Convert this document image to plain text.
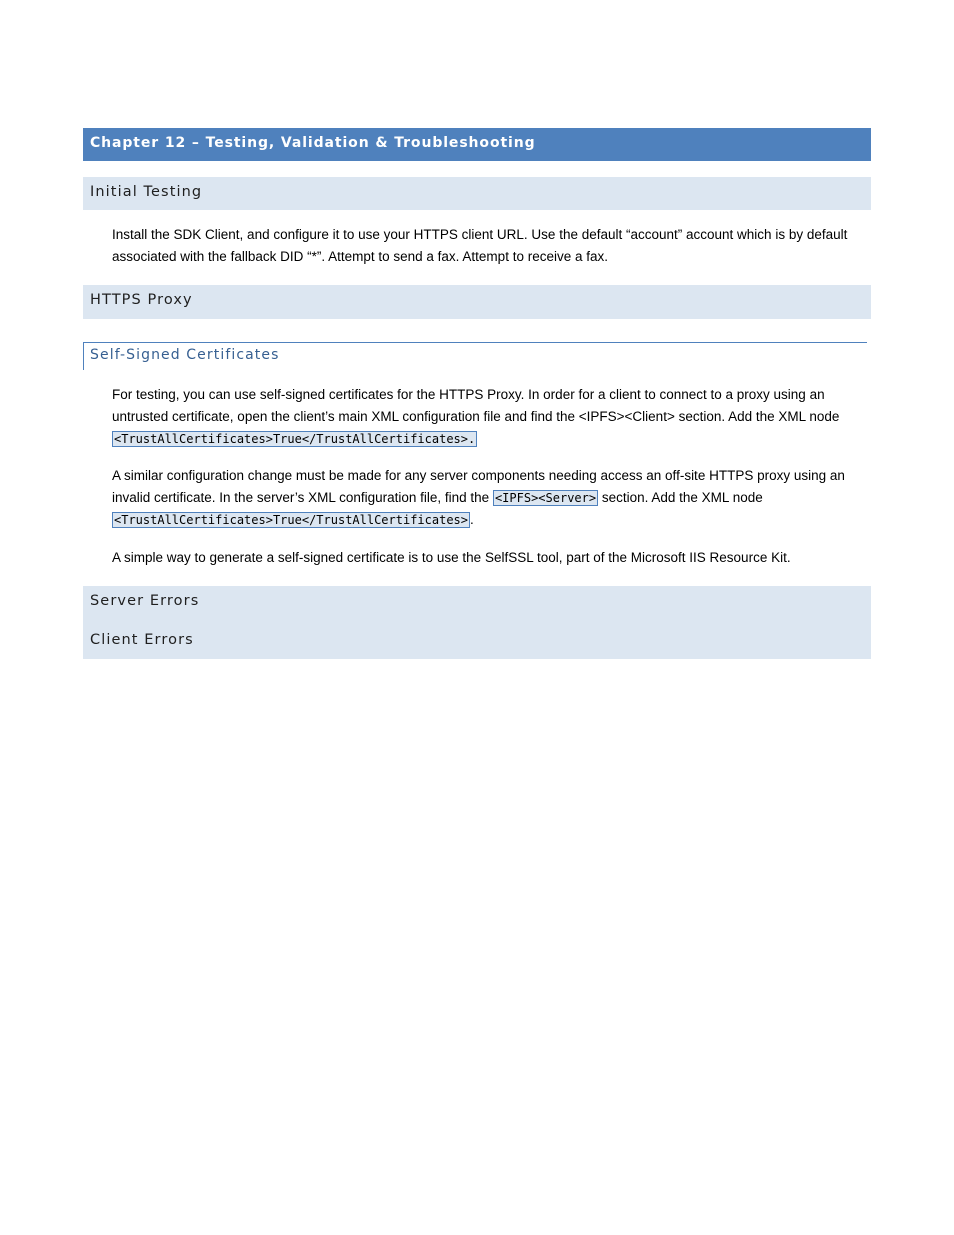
Chapter 12 – Testing, Validation & Troubleshooting
Initial Testing
Install the SDK Client, and configure it to use your HTTPS client URL. Use the default “account” account which is by default associated with the fallback DID “*”. Attempt to send a fax. Attempt to receive a fax.
HTTPS Proxy
Self-Signed Certificates
For testing, you can use self-signed certificates for the HTTPS Proxy. In order for a client to connect to a proxy using an untrusted certificate, open the client’s main XML configuration file and find the <IPFS><Client> section. Add the XML node <TrustAllCertificates>True</TrustAllCertificates>.
A similar configuration change must be made for any server components needing access an off-site HTTPS proxy using an invalid certificate. In the server’s XML configuration file, find the <IPFS><Server> section. Add the XML node <TrustAllCertificates>True</TrustAllCertificates> .
A simple way to generate a self-signed certificate is to use the SelfSSL tool, part of the Microsoft IIS Resource Kit.
Server Errors
Client Errors
